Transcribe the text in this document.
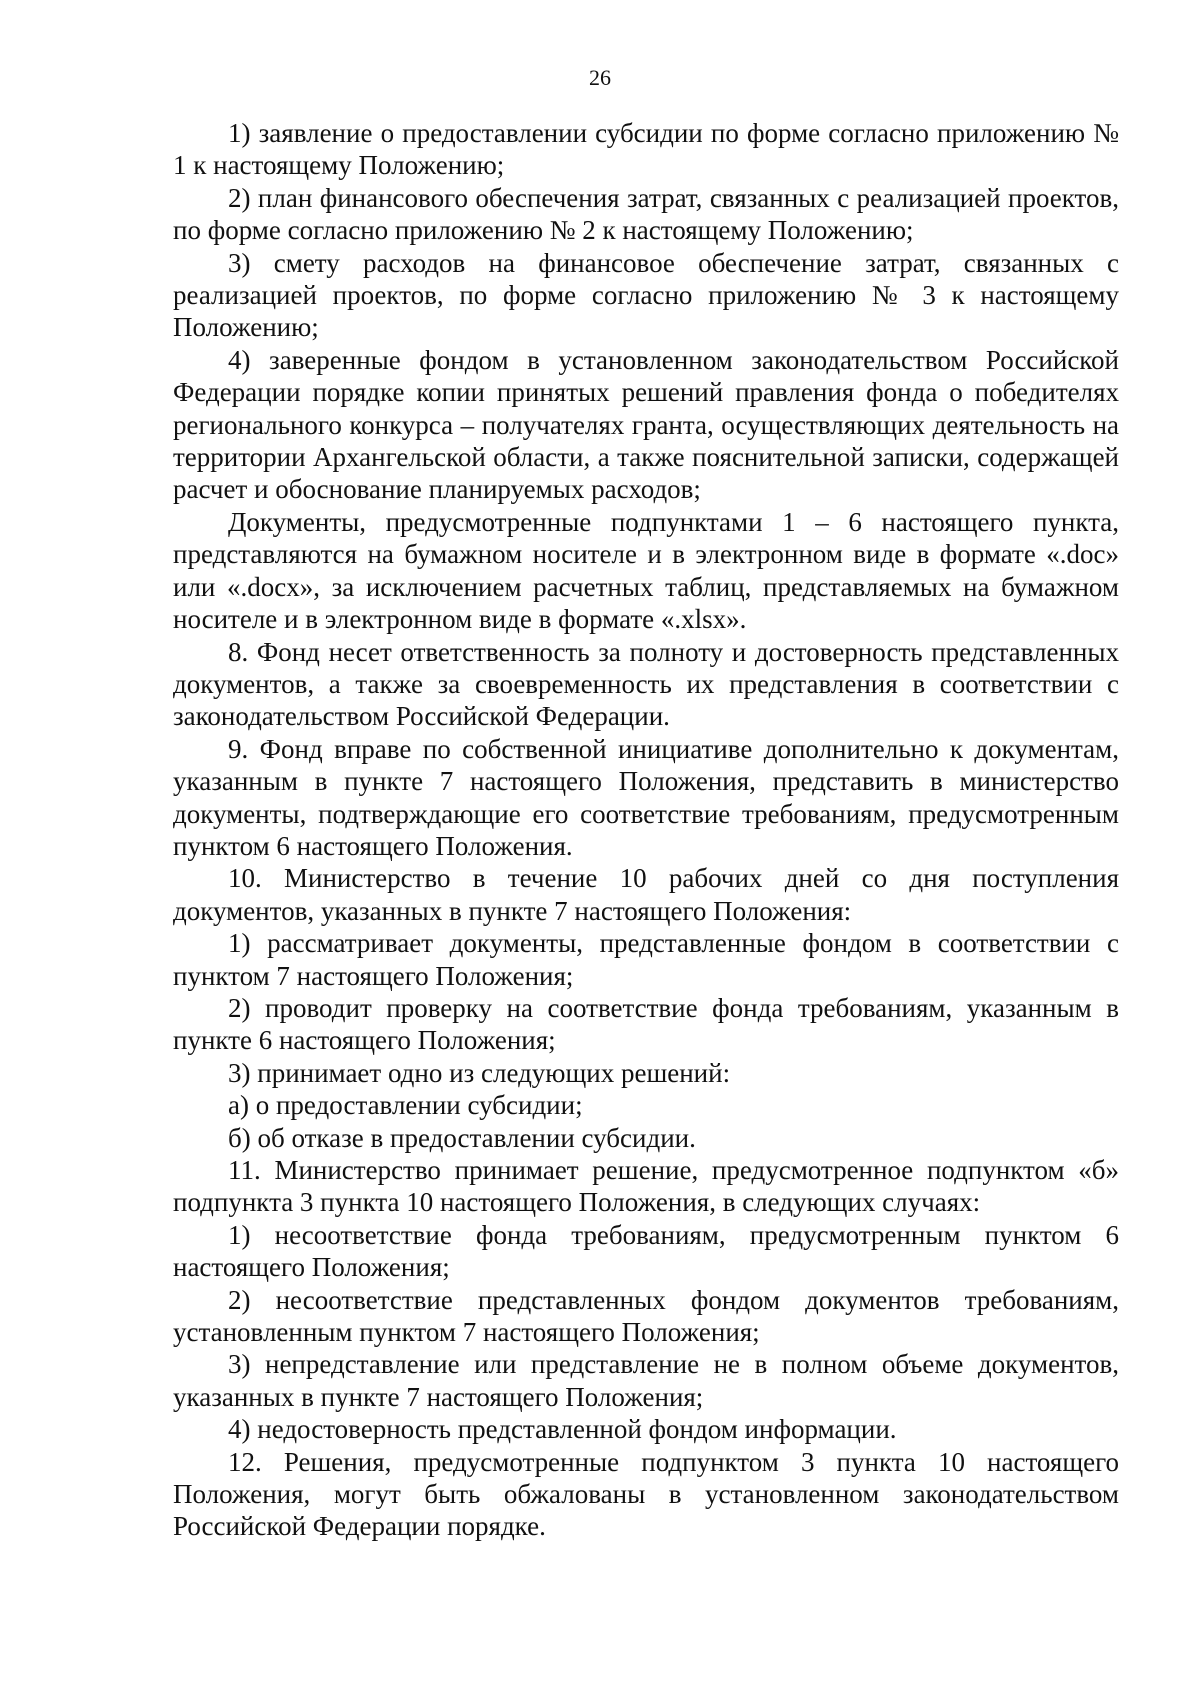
26

1) заявление о предоставлении субсидии по форме согласно приложению № 1 к настоящему Положению;

2) план финансового обеспечения затрат, связанных с реализацией проектов, по форме согласно приложению № 2 к настоящему Положению;

3) смету расходов на финансовое обеспечение затрат, связанных с реализацией проектов, по форме согласно приложению № 3 к настоящему Положению;

4) заверенные фондом в установленном законодательством Российской Федерации порядке копии принятых решений правления фонда о победителях регионального конкурса – получателях гранта, осуществляющих деятельность на территории Архангельской области, а также пояснительной записки, содержащей расчет и обоснование планируемых расходов;

Документы, предусмотренные подпунктами 1 – 6 настоящего пункта, представляются на бумажном носителе и в электронном виде в формате «.doc» или «.docx», за исключением расчетных таблиц, представляемых на бумажном носителе и в электронном виде в формате «.xlsx».

8. Фонд несет ответственность за полноту и достоверность представленных документов, а также за своевременность их представления в соответствии с законодательством Российской Федерации.

9. Фонд вправе по собственной инициативе дополнительно к документам, указанным в пункте 7 настоящего Положения, представить в министерство документы, подтверждающие его соответствие требованиям, предусмотренным пунктом 6 настоящего Положения.

10. Министерство в течение 10 рабочих дней со дня поступления документов, указанных в пункте 7 настоящего Положения:

1) рассматривает документы, представленные фондом в соответствии с пунктом 7 настоящего Положения;

2) проводит проверку на соответствие фонда требованиям, указанным в пункте 6 настоящего Положения;

3) принимает одно из следующих решений:

а) о предоставлении субсидии;

б) об отказе в предоставлении субсидии.

11. Министерство принимает решение, предусмотренное подпунктом «б» подпункта 3 пункта 10 настоящего Положения, в следующих случаях:

1) несоответствие фонда требованиям, предусмотренным пунктом 6 настоящего Положения;

2) несоответствие представленных фондом документов требованиям, установленным пунктом 7 настоящего Положения;

3) непредставление или представление не в полном объеме документов, указанных в пункте 7 настоящего Положения;

4) недостоверность представленной фондом информации.

12. Решения, предусмотренные подпунктом 3 пункта 10 настоящего Положения, могут быть обжалованы в установленном законодательством Российской Федерации порядке.
